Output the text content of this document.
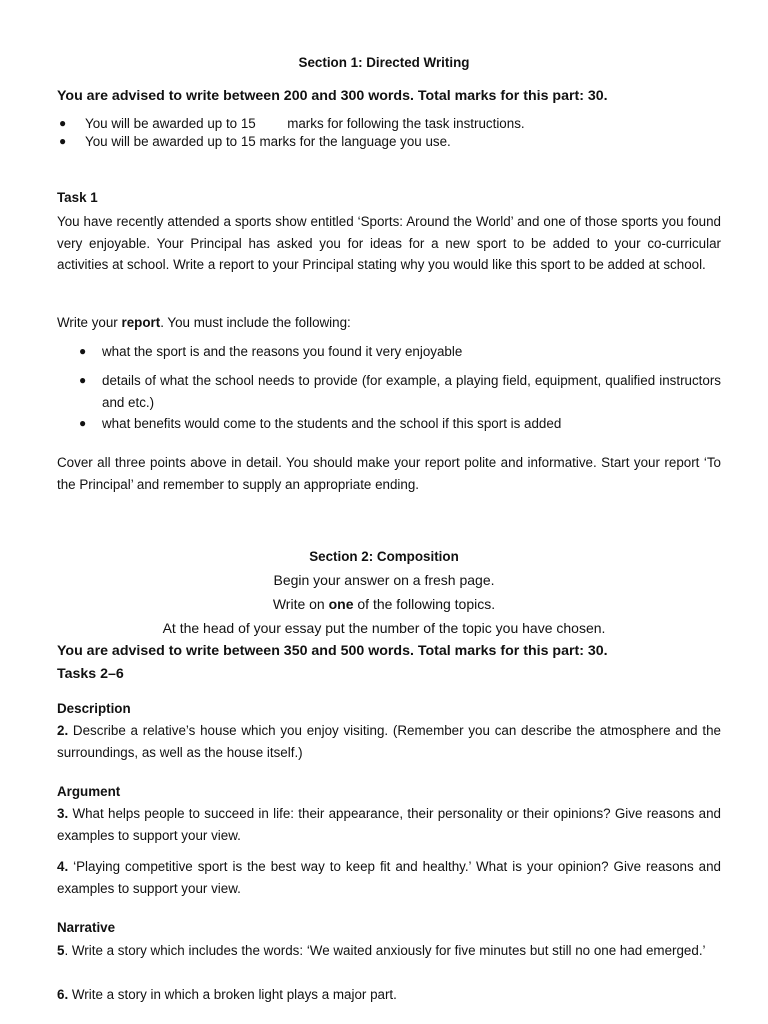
Section 1: Directed Writing
You are advised to write between 200 and 300 words. Total marks for this part: 30.
● You will be awarded up to 15 marks for following the task instructions.
● You will be awarded up to 15 marks for the language you use.
Task 1

You have recently attended a sports show entitled ‘Sports: Around the World’ and one of those sports you found very enjoyable. Your Principal has asked you for ideas for a new sport to be added to your co-curricular activities at school. Write a report to your Principal stating why you would like this sport to be added at school.

Write your report. You must include the following:
● what the sport is and the reasons you found it very enjoyable
● details of what the school needs to provide (for example, a playing field, equipment, qualified instructors and etc.)

● what benefits would come to the students and the school if this sport is added

Cover all three points above in detail. You should make your report polite and informative. Start your report ‘To the Principal’ and remember to supply an appropriate ending.

Section 2: Composition
Begin your answer on a fresh page.
Write on one of the following topics.
At the head of your essay put the number of the topic you have chosen.
You are advised to write between 350 and 500 words. Total marks for this part: 30.
Tasks 2–6
Description

2. Describe a relative’s house which you enjoy visiting. (Remember you can describe the atmosphere and the surroundings, as well as the house itself.)

Argument

3. What helps people to succeed in life: their appearance, their personality or their opinions? Give reasons and examples to support your view.

4. ‘Playing competitive sport is the best way to keep fit and healthy.’ What is your opinion? Give reasons and examples to support your view.

Narrative

5. Write a story which includes the words: ‘We waited anxiously for five minutes but still no one had emerged.’

6. Write a story in which a broken light plays a major part.
